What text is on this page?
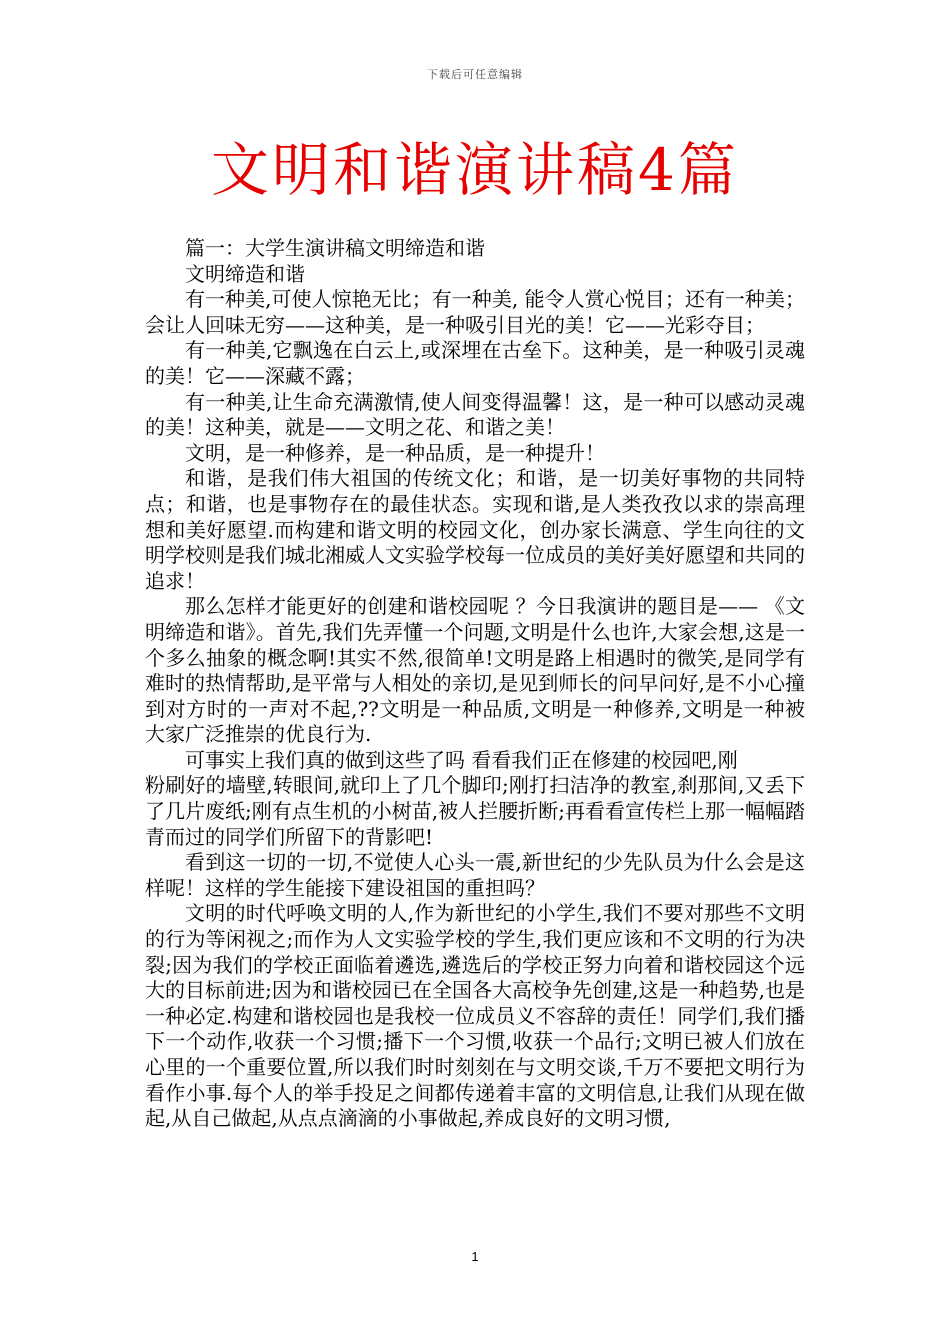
下载后可任意编辑
文明和谐演讲稿4篇

篇一：大学生演讲稿文明缔造和谐

文明缔造和谐

有一种美,可使人惊艳无比；有一种美, 能令人赏心悦目；还有一种美；会让人回味无穷——这种美，是一种吸引目光的美！它——光彩夺目；

有一种美,它飘逸在白云上,或深埋在古垒下。这种美，是一种吸引灵魂的美！它——深藏不露；

有一种美,让生命充满激情,使人间变得温馨！这，是一种可以感动灵魂的美！这种美，就是——文明之花、和谐之美！

文明，是一种修养，是一种品质，是一种提升！

和谐，是我们伟大祖国的传统文化；和谐，是一切美好事物的共同特点；和谐，也是事物存在的最佳状态。实现和谐,是人类孜孜以求的崇高理想和美好愿望.而构建和谐文明的校园文化，创办家长满意、学生向往的文明学校则是我们城北湘威人文实验学校每一位成员的美好美好愿望和共同的追求！

那么怎样才能更好的创建和谐校园呢 ？今日我演讲的题目是—— 《文明缔造和谐》。首先,我们先弄懂一个问题,文明是什么也许,大家会想,这是一个多么抽象的概念啊!其实不然,很简单!文明是路上相遇时的微笑,是同学有难时的热情帮助,是平常与人相处的亲切,是见到师长的问早问好,是不小心撞到对方时的一声对不起,??文明是一种品质,文明是一种修养,文明是一种被大家广泛推崇的优良行为.

可事实上我们真的做到这些了吗 看看我们正在修建的校园吧,刚

粉刷好的墙壁,转眼间,就印上了几个脚印;刚打扫洁净的教室,刹那间,又丢下了几片废纸;刚有点生机的小树苗,被人拦腰折断;再看看宣传栏上那一幅幅踏青而过的同学们所留下的背影吧!

看到这一切的一切,不觉使人心头一震,新世纪的少先队员为什么会是这样呢！这样的学生能接下建设祖国的重担吗？

文明的时代呼唤文明的人,作为新世纪的小学生,我们不要对那些不文明的行为等闲视之;而作为人文实验学校的学生,我们更应该和不文明的行为决裂;因为我们的学校正面临着遴选,遴选后的学校正努力向着和谐校园这个远大的目标前进;因为和谐校园已在全国各大高校争先创建,这是一种趋势,也是一种必定.构建和谐校园也是我校一位成员义不容辞的责任！同学们,我们播下一个动作,收获一个习惯;播下一个习惯,收获一个品行;文明已被人们放在心里的一个重要位置,所以我们时时刻刻在与文明交谈,千万不要把文明行为看作小事.每个人的举手投足之间都传递着丰富的文明信息,让我们从现在做起,从自己做起,从点点滴滴的小事做起,养成良好的文明习惯,

1
